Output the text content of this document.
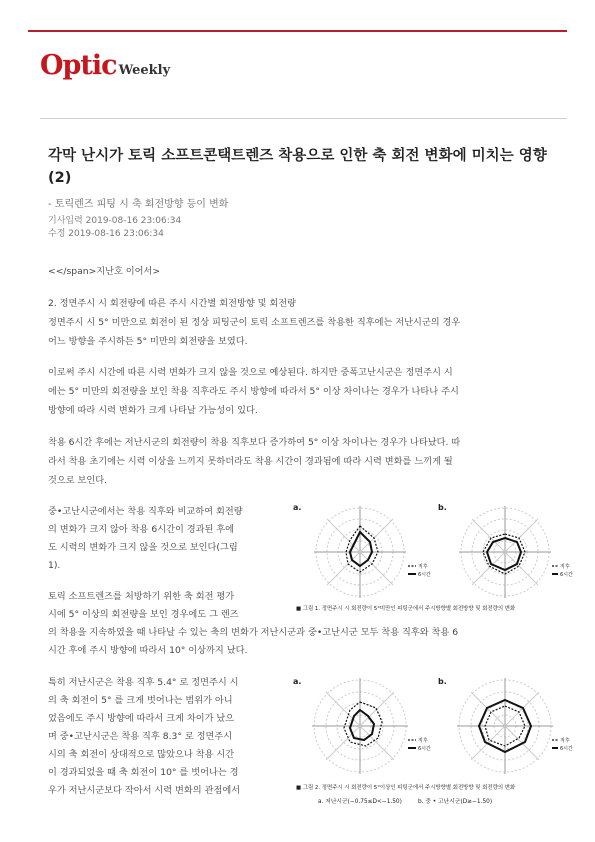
Optic Weekly
각막 난시가 토릭 소프트콘택트렌즈 착용으로 인한 축 회전 변화에 미치는 영향(2)
- 토릭렌즈 피팅 시 축 회전방향 등이 변화
기사입력 2019-08-16 23:06:34
수정 2019-08-16 23:06:34
<</span>지난호 이어서>
2. 정면주시 시 회전량에 따른 주시 시간별 회전방향 및 회전량
정면주시 시 5° 미만으로 회전이 된 정상 피팅군이 토릭 소프트렌즈를 착용한 직후에는 저난시군의 경우
어느 방향을 주시하든 5° 미만의 회전량을 보였다.
이로써 주시 시간에 따른 시력 변화가 크지 않을 것으로 예상된다. 하지만 중폭고난시군은 정면주시 시
에는 5° 미만의 회전량을 보인 착용 직후라도 주시 방향에 따라서 5° 이상 차이나는 경우가 나타나 주시
방향에 따라 시력 변화가 크게 나타날 가능성이 있다.
착용 6시간 후에는 저난시군의 회전량이 착용 직후보다 증가하여 5° 이상 차이나는 경우가 나타났다. 따
라서 착용 초기에는 시력 이상을 느끼지 못하더라도 착용 시간이 경과됨에 따라 시력 변화를 느끼게 될
것으로 보인다.
중•고난시군에서는 착용 직후와 비교하여 회전량
의 변화가 크지 않아 착용 6시간이 경과된 후에
도 시력의 변화가 크지 않을 것으로 보인다(그림
1).
토릭 소프트렌즈를 처방하기 위한 축 회전 평가
시에 5° 이상의 회전량을 보인 경우에도 그 렌즈
의 착용을 지속하였을 때 나타날 수 있는 축의 변화가 저난시군과 중•고난시군 모두 착용 직후와 착용 6
시간 후에 주시 방향에 따라서 10° 이상까지 났다.
특히 저난시군은 착용 직후 5.4° 로 정면주시 시
의 축 회전이 5° 를 크게 벗어나는 범위가 아니
었음에도 주시 방향에 따라서 크게 차이가 났으
며 중•고난시군은 착용 직후 8.3° 로 정면주시
시의 축 회전이 상대적으로 많았으나 착용 시간
이 경과되었을 때 축 회전이 10° 를 벗어나는 경
우가 저난시군보다 작아서 시력 변화의 관점에서
a.	b.
직후
6시간
직후
6시간
■ 그림 1. 정면주시 시 회전량이 5°미만인 피팅군에서 주시방향별 회전방향 및 회전량의 변화
a.	b.
직후
6시간
직후
6시간
■ 그림 2. 정면주시 시 회전량이 5°이상인 피팅군에서 주시방향별 회전방향 및 회전량의 변화
a. 저난시군(−0.75≤D<−1.50)	b. 중 • 고난시군(D≥−1.50)
